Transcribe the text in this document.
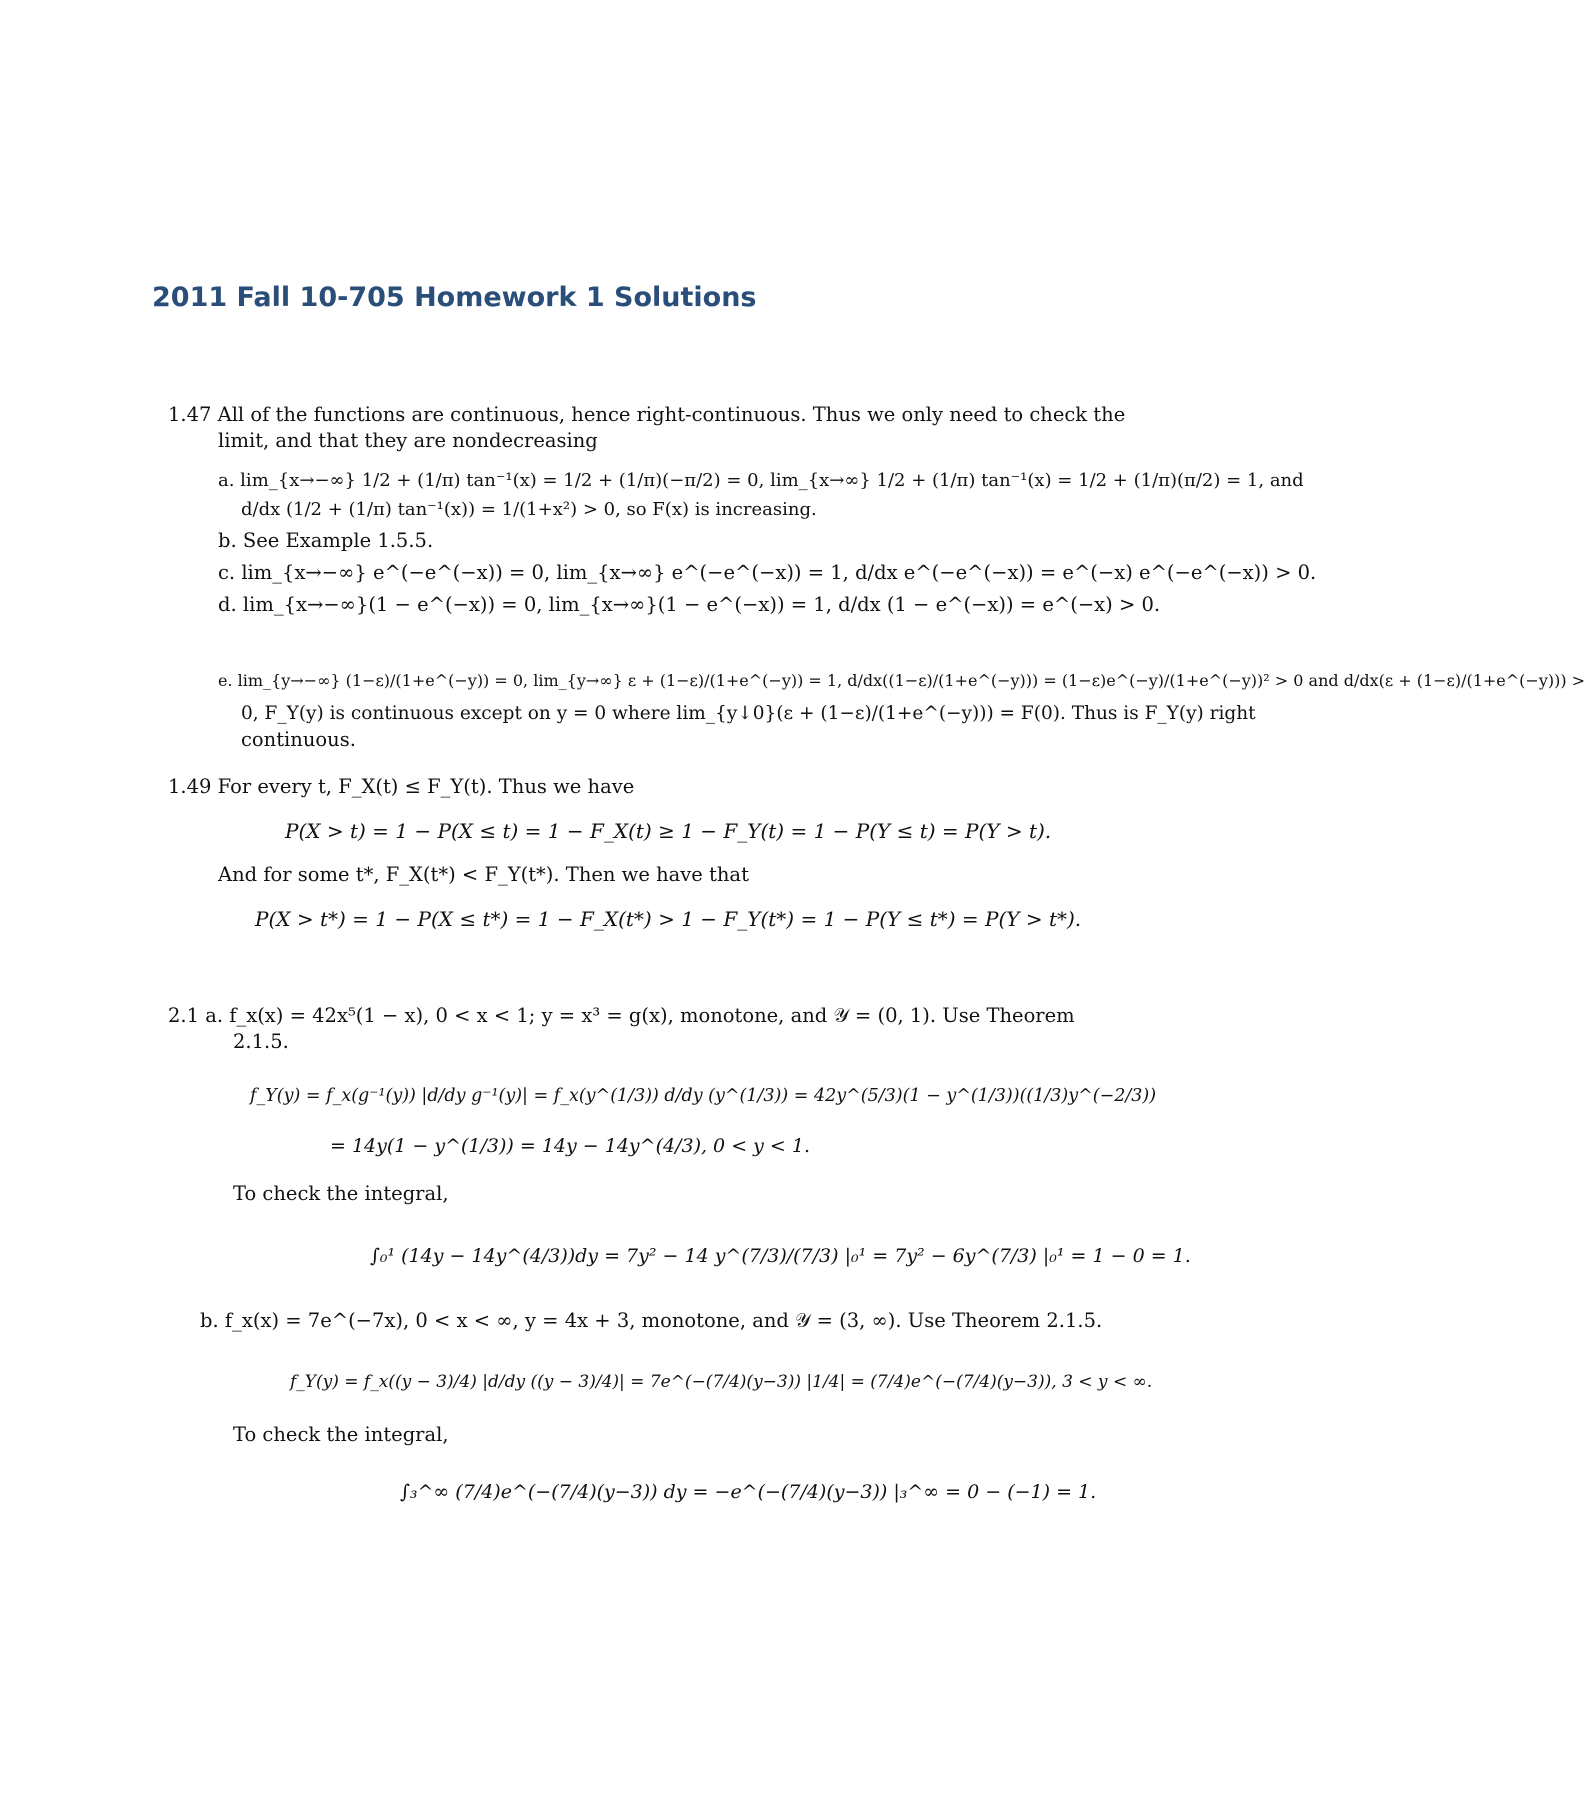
2011 Fall 10-705 Homework 1 Solutions
1.47 All of the functions are continuous, hence right-continuous. Thus we only need to check the
limit, and that they are nondecreasing
a. lim_{x→−∞} 1/2 + (1/π) tan⁻¹(x) = 1/2 + (1/π)(−π/2) = 0, lim_{x→∞} 1/2 + (1/π) tan⁻¹(x) = 1/2 + (1/π)(π/2) = 1, and
d/dx (1/2 + (1/π) tan⁻¹(x)) = 1/(1+x²) > 0, so F(x) is increasing.
b. See Example 1.5.5.
c. lim_{x→−∞} e^(−e^(−x)) = 0, lim_{x→∞} e^(−e^(−x)) = 1, d/dx e^(−e^(−x)) = e^(−x) e^(−e^(−x)) > 0.
d. lim_{x→−∞}(1 − e^(−x)) = 0, lim_{x→∞}(1 − e^(−x)) = 1, d/dx (1 − e^(−x)) = e^(−x) > 0.
e. lim_{y→−∞} (1−ε)/(1+e^(−y)) = 0, lim_{y→∞} ε + (1−ε)/(1+e^(−y)) = 1, d/dx((1−ε)/(1+e^(−y))) = (1−ε)e^(−y)/(1+e^(−y))² > 0 and d/dx(ε + (1−ε)/(1+e^(−y))) >
0, F_Y(y) is continuous except on y = 0 where lim_{y↓0}(ε + (1−ε)/(1+e^(−y))) = F(0). Thus is F_Y(y) right
continuous.
1.49 For every t, F_X(t) ≤ F_Y(t). Thus we have
P(X > t) = 1 − P(X ≤ t) = 1 − F_X(t) ≥ 1 − F_Y(t) = 1 − P(Y ≤ t) = P(Y > t).
And for some t*, F_X(t*) < F_Y(t*). Then we have that
P(X > t*) = 1 − P(X ≤ t*) = 1 − F_X(t*) > 1 − F_Y(t*) = 1 − P(Y ≤ t*) = P(Y > t*).
2.1 a. f_x(x) = 42x⁵(1 − x), 0 < x < 1; y = x³ = g(x), monotone, and 𝒴 = (0, 1). Use Theorem
2.1.5.
f_Y(y) = f_x(g⁻¹(y)) |d/dy g⁻¹(y)| = f_x(y^(1/3)) d/dy (y^(1/3)) = 42y^(5/3)(1 − y^(1/3))((1/3)y^(−2/3))
= 14y(1 − y^(1/3)) = 14y − 14y^(4/3), 0 < y < 1.
To check the integral,
∫₀¹ (14y − 14y^(4/3))dy = 7y² − 14 y^(7/3)/(7/3) |₀¹ = 7y² − 6y^(7/3) |₀¹ = 1 − 0 = 1.
b. f_x(x) = 7e^(−7x), 0 < x < ∞, y = 4x + 3, monotone, and 𝒴 = (3, ∞). Use Theorem 2.1.5.
f_Y(y) = f_x((y − 3)/4) |d/dy ((y − 3)/4)| = 7e^(−(7/4)(y−3)) |1/4| = (7/4)e^(−(7/4)(y−3)), 3 < y < ∞.
To check the integral,
∫₃^∞ (7/4)e^(−(7/4)(y−3)) dy = −e^(−(7/4)(y−3)) |₃^∞ = 0 − (−1) = 1.
